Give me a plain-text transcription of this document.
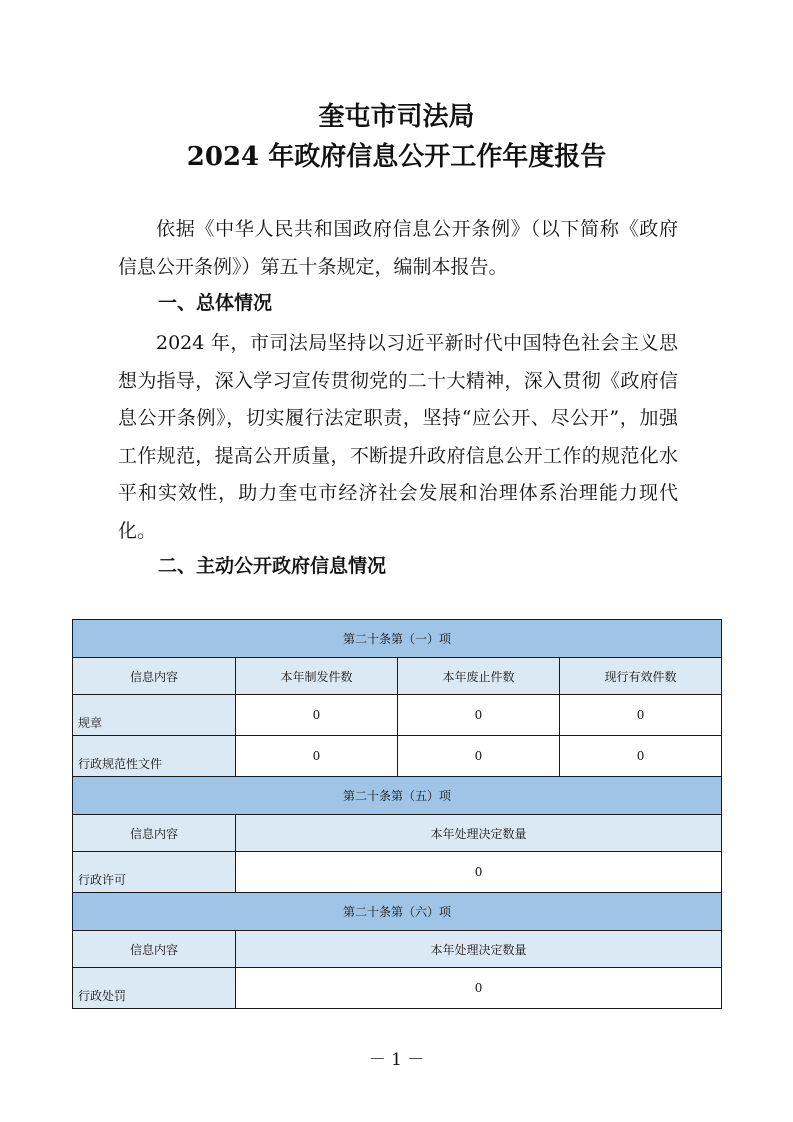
奎屯市司法局
2024 年政府信息公开工作年度报告
依据《中华人民共和国政府信息公开条例》（以下简称《政府信息公开条例》）第五十条规定，编制本报告。
一、总体情况
2024 年，市司法局坚持以习近平新时代中国特色社会主义思想为指导，深入学习宣传贯彻党的二十大精神，深入贯彻《政府信息公开条例》，切实履行法定职责，坚持“应公开、尽公开”，加强工作规范，提高公开质量，不断提升政府信息公开工作的规范化水平和实效性，助力奎屯市经济社会发展和治理体系治理能力现代化。
二、主动公开政府信息情况
第二十条第（一）项			
信息内容	本年制发件数	本年废止件数	现行有效件数
规章	0	0	0
行政规范性文件	0	0	0
第二十条第（五）项			
信息内容	本年处理决定数量		
行政许可	0		
第二十条第（六）项			
信息内容	本年处理决定数量		
行政处罚	0		
－ 1 －
